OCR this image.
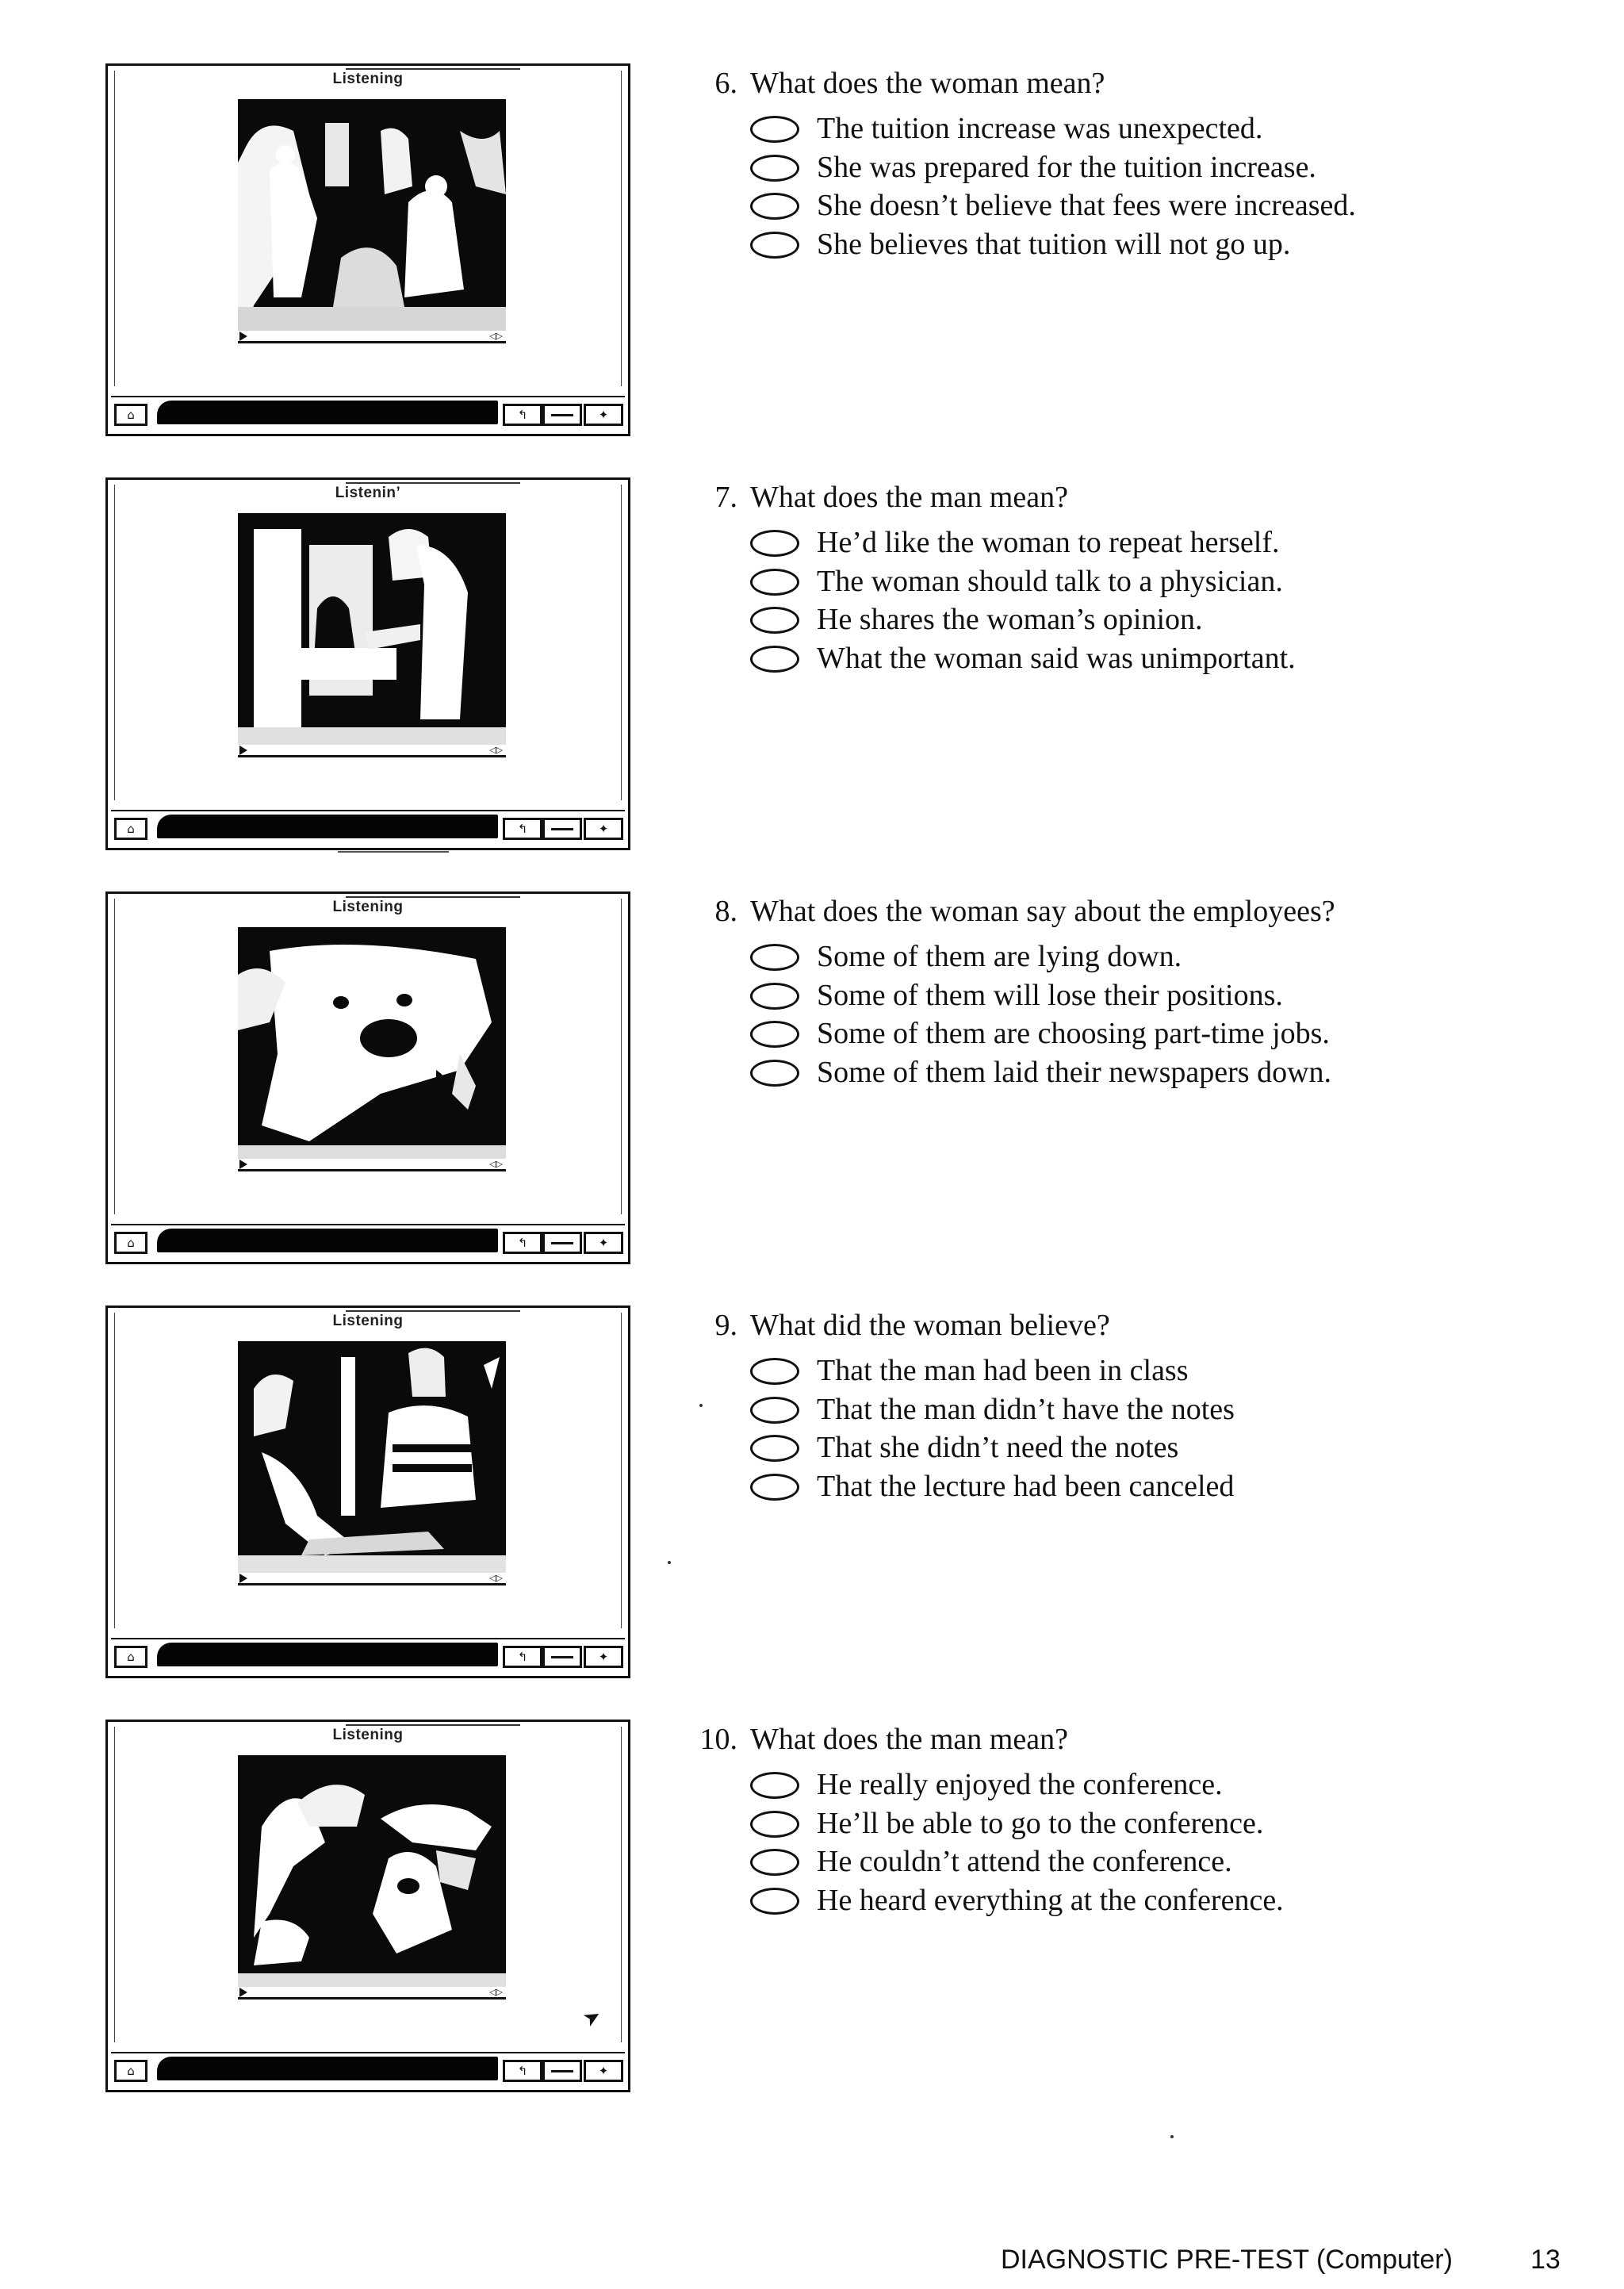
Listening
◁▷
⌂	↰	✦
6. What does the woman mean?
The tuition increase was unexpected.
She was prepared for the tuition increase.
She doesn’t believe that fees were increased.
She believes that tuition will not go up.
Listeninʼ
◁▷
⌂	↰	✦
7. What does the man mean?
He’d like the woman to repeat herself.
The woman should talk to a physician.
He shares the woman’s opinion.
What the woman said was unimportant.
Listening
◁▷
⌂	↰	✦
8. What does the woman say about the employees?
Some of them are lying down.
Some of them will lose their positions.
Some of them are choosing part-time jobs.
Some of them laid their newspapers down.
Listening
◁▷
⌂	↰	✦
9. What did the woman believe?
That the man had been in class
That the man didn’t have the notes
That she didn’t need the notes
That the lecture had been canceled
Listening
◁▷
➤
⌂	↰	✦
10. What does the man mean?
He really enjoyed the conference.
He’ll be able to go to the conference.
He couldn’t attend the conference.
He heard everything at the conference.
DIAGNOSTIC PRE-TEST (Computer)	13
